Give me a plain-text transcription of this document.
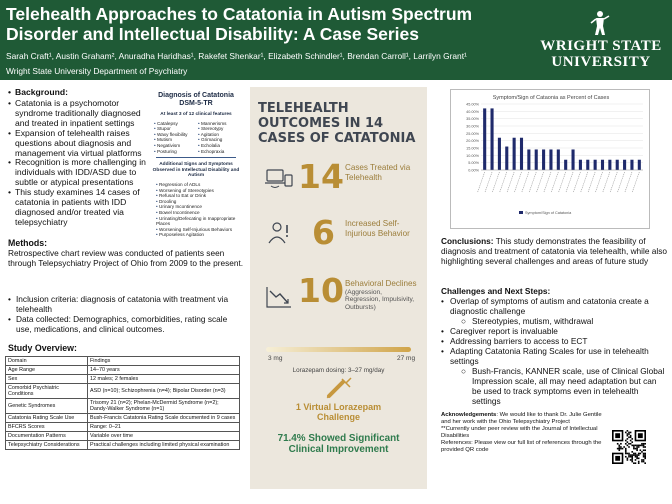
Telehealth Approaches to Catatonia in Autism Spectrum Disorder and Intellectual Disability: A Case Series
Sarah Craft¹, Austin Graham², Anuradha Haridhas¹, Rakefet Shenkar¹, Elizabeth Schindler¹, Brendan Carroll¹, Larrilyn Grant¹
Wright State University Department of Psychiatry
WRIGHT STATE
UNIVERSITY
• Background:
• Catatonia is a psychomotor syndrome traditionally diagnosed and treated in inpatient settings
• Expansion of telehealth raises questions about diagnosis and management via virtual platforms
• Recognition is more challenging in individuals with IDD/ASD due to subtle or atypical presentations
• This study examines 14 cases of catatonia in patients with IDD diagnosed and/or treated via telepsychiatry
Diagnosis of Catatonia DSM-5-TR
At least 3 of 12 clinical features
• Catalepsy
• Stupor
• Waxy flexibility
• Mutism
• Negativism
• Posturing
• Mannerisms
• Stereotypy
• Agitation
• Grimacing
• Echolalia
• Echopraxia
Additional Signs and Symptoms Observed in Intellectual Disability and Autism
• Regression of ADLs
• Worsening of Stereotypies
• Refusal to Eat or Drink
• Drooling
• Urinary Incontinence
• Bowel Incontinence
• Urinating/Defecating in Inappropriate Places
• Worsening Self-Injurious Behaviors
• Purposeless Agitation
Methods:
Retrospective chart review was conducted of patients seen through Telepsychiatry Project of Ohio from 2009 to the present.
• Inclusion criteria: diagnosis of catatonia with treatment via telehealth
• Data collected: Demographics, comorbidities, rating scale use, medications, and clinical outcomes.
Study Overview:
Domain	Findings
Age Range	14–70 years
Sex	12 males; 2 females
Comorbid Psychiatric Conditions	ASD (n=10); Schizophrenia (n=4); Bipolar Disorder (n=3)
Genetic Syndromes	Trisomy 21 (n=2); Phelan-McDermid Syndrome (n=2); Dandy-Walker Syndrome (n=1)
Catatonia Rating Scale Use	Bush-Francis Catatonia Rating Scale documented in 9 cases
BFCRS Scores	Range: 0–21
Documentation Patterns	Variable over time
Telepsychiatry Considerations	Practical challenges including limited physical examination
TELEHEALTH OUTCOMES IN 14 CASES OF CATATONIA
14 Cases Treated via Telehealth
6 Increased Self-Injurious Behavior
10 Behavioral Declines
(Aggression, Regression, Impulsivity, Outbursts)
3 mg	27 mg
Lorazepam dosing: 3–27 mg/day
1 Virtual Lorazepam Challenge
71.4% Showed Significant Clinical Improvement
Symptom/Sign of Cataonia as Percent of Cases
0.00%
5.00%
10.00%
15.00%
20.00%
25.00%
30.00%
35.00%
40.00%
45.00%
Symptom/Sign of Catatonia
Conclusions: This study demonstrates the feasibility of diagnosis and treatment of catatonia via telehealth, while also highlighting several challenges and areas of future study
Challenges and Next Steps:
• Overlap of symptoms of autism and catatonia create a diagnostic challenge
○ Stereotypies, mutism, withdrawal
• Caregiver report is invaluable
• Addressing barriers to access to ECT
• Adapting Catatonia Rating Scales for use in telehealth settings
○ Bush-Francis, KANNER scale, use of Clinical Global Impression scale, all may need adaptation but can be used to track symptoms even in telehealth settings
Acknowledgements: We would like to thank Dr. Julie Gentile and her work with the Ohio Telepsychiatry Project
**Currently under peer review with the Journal of Intellectual Disabilities
References: Please view our full list of references through the provided QR code
